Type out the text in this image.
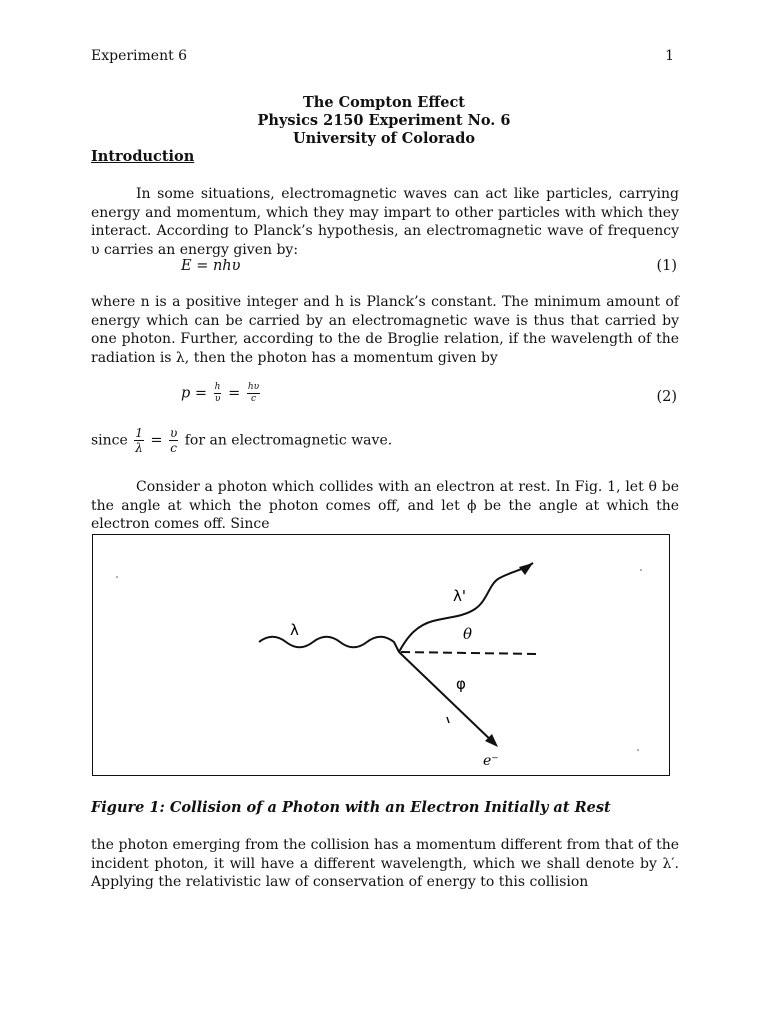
Experiment 6	1
The Compton Effect
Physics 2150 Experiment No. 6
University of Colorado
Introduction
In some situations, electromagnetic waves can act like particles, carrying energy and momentum, which they may impart to other particles with which they interact. According to Planck’s hypothesis, an electromagnetic wave of frequency υ carries an energy given by:
E = nhυ	(1)
where n is a positive integer and h is Planck’s constant. The minimum amount of energy which can be carried by an electromagnetic wave is thus that carried by one photon. Further, according to the de Broglie relation, if the wavelength of the radiation is λ, then the photon has a momentum given by
$p = \frac{h}{\upsilon} = \frac{h\upsilon}{c}$	(2)
since $\frac{1}{\lambda} = \frac{\upsilon}{c}$ for an electromagnetic wave.
Consider a photon which collides with an electron at rest. In Fig. 1, let θ be the angle at which the photon comes off, and let ϕ be the angle at which the electron comes off. Since
λ
λ'
θ
φ
e⁻
Figure 1: Collision of a Photon with an Electron Initially at Rest
the photon emerging from the collision has a momentum different from that of the incident photon, it will have a different wavelength, which we shall denote by λ′. Applying the relativistic law of conservation of energy to this collision
